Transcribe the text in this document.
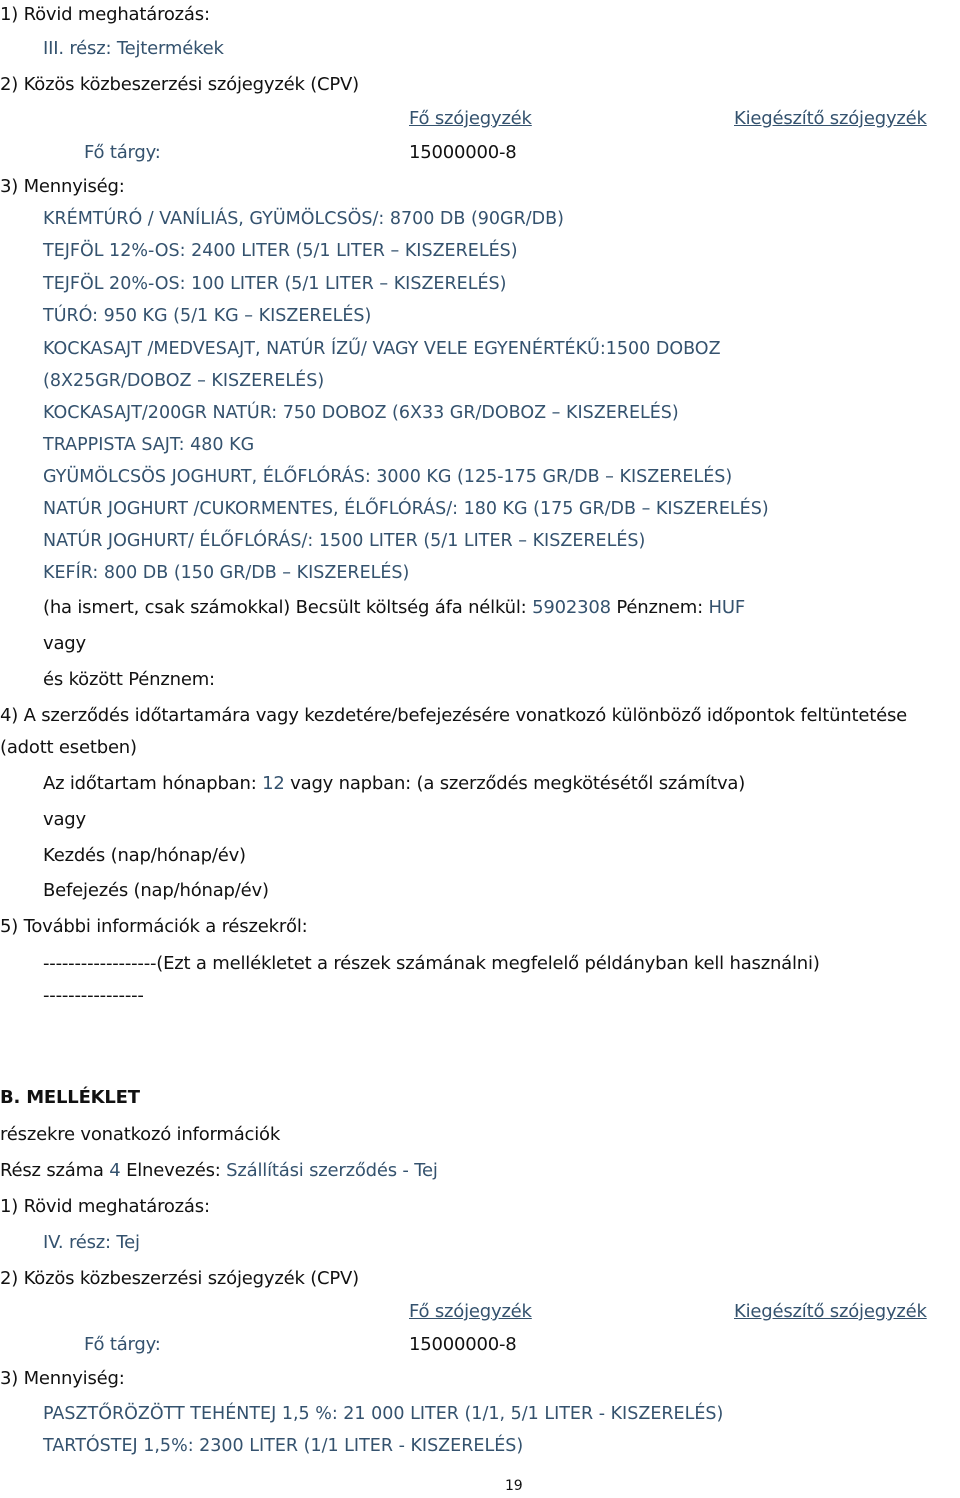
1) Rövid meghatározás:
III. rész: Tejtermékek
2) Közös közbeszerzési szójegyzék (CPV)
Fő szójegyzék	Kiegészítő szójegyzék
Fő tárgy:	15000000-8
3) Mennyiség:
KRÉMTÚRÓ / VANÍLIÁS, GYÜMÖLCSÖS/: 8700 DB (90GR/DB)
TEJFÖL 12%-OS: 2400 LITER (5/1 LITER – KISZERELÉS)
TEJFÖL 20%-OS: 100 LITER (5/1 LITER – KISZERELÉS)
TÚRÓ: 950 KG (5/1 KG – KISZERELÉS)
KOCKASAJT /MEDVESAJT, NATÚR ÍZŰ/ VAGY VELE EGYENÉRTÉKŰ:1500 DOBOZ
(8X25GR/DOBOZ – KISZERELÉS)
KOCKASAJT/200GR NATÚR: 750 DOBOZ (6X33 GR/DOBOZ – KISZERELÉS)
TRAPPISTA SAJT: 480 KG
GYÜMÖLCSÖS JOGHURT, ÉLŐFLÓRÁS: 3000 KG (125-175 GR/DB – KISZERELÉS)
NATÚR JOGHURT /CUKORMENTES, ÉLŐFLÓRÁS/: 180 KG (175 GR/DB – KISZERELÉS)
NATÚR JOGHURT/ ÉLŐFLÓRÁS/: 1500 LITER (5/1 LITER – KISZERELÉS)
KEFÍR: 800 DB (150 GR/DB – KISZERELÉS)
(ha ismert, csak számokkal) Becsült költség áfa nélkül: 5902308 Pénznem: HUF
vagy
és között Pénznem:
4) A szerződés időtartamára vagy kezdetére/befejezésére vonatkozó különböző időpontok feltüntetése
(adott esetben)
Az időtartam hónapban: 12 vagy napban: (a szerződés megkötésétől számítva)
vagy
Kezdés (nap/hónap/év)
Befejezés (nap/hónap/év)
5) További információk a részekről:
------------------(Ezt a mellékletet a részek számának megfelelő példányban kell használni)
----------------
B. MELLÉKLET
részekre vonatkozó információk
Rész száma 4 Elnevezés: Szállítási szerződés - Tej
1) Rövid meghatározás:
IV. rész: Tej
2) Közös közbeszerzési szójegyzék (CPV)
Fő szójegyzék	Kiegészítő szójegyzék
Fő tárgy:	15000000-8
3) Mennyiség:
PASZTŐRÖZÖTT TEHÉNTEJ 1,5 %: 21 000 LITER (1/1, 5/1 LITER - KISZERELÉS)
TARTÓSTEJ 1,5%: 2300 LITER (1/1 LITER - KISZERELÉS)
19
